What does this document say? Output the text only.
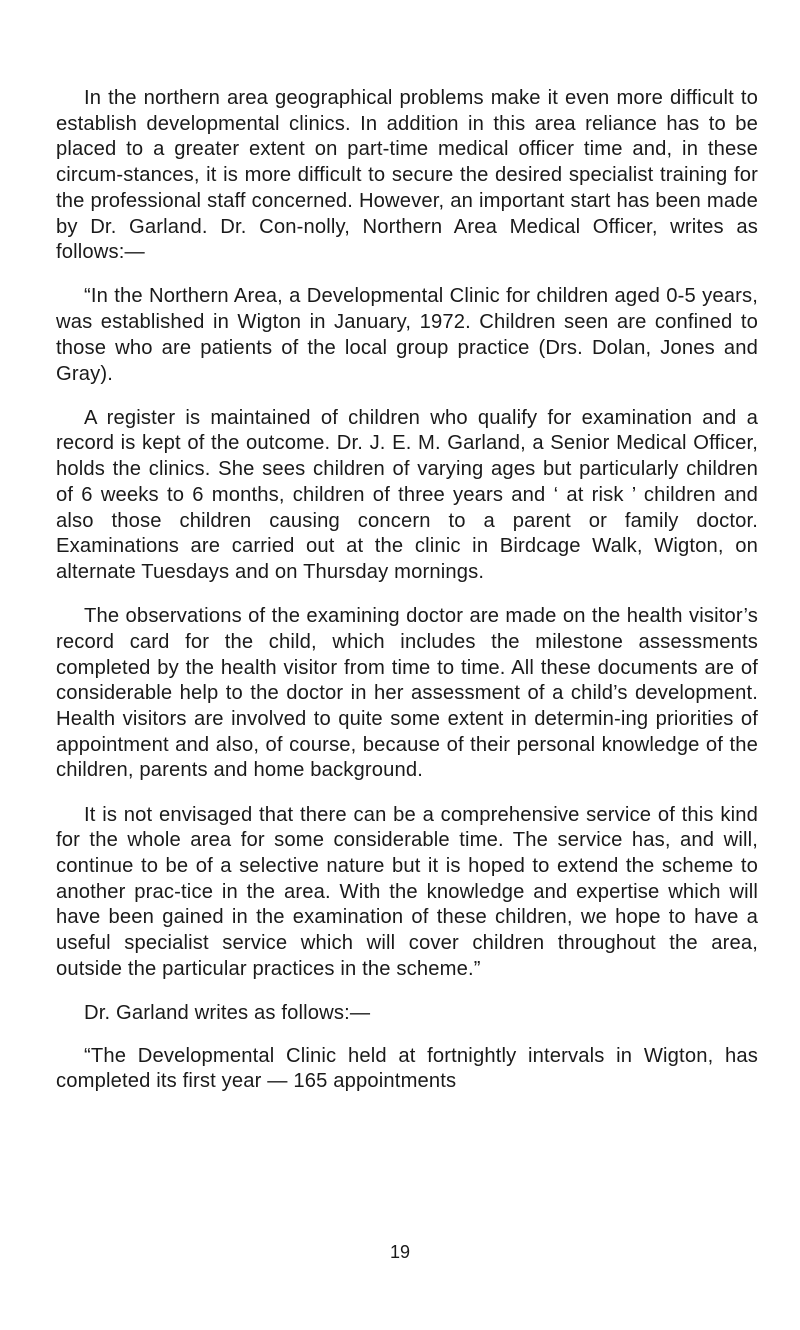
In the northern area geographical problems make it even more difficult to establish developmental clinics. In addition in this area reliance has to be placed to a greater extent on part-time medical officer time and, in these circum-stances, it is more difficult to secure the desired specialist training for the professional staff concerned. However, an important start has been made by Dr. Garland. Dr. Con-nolly, Northern Area Medical Officer, writes as follows:—

“In the Northern Area, a Developmental Clinic for children aged 0-5 years, was established in Wigton in January, 1972. Children seen are confined to those who are patients of the local group practice (Drs. Dolan, Jones and Gray).

A register is maintained of children who qualify for examination and a record is kept of the outcome. Dr. J. E. M. Garland, a Senior Medical Officer, holds the clinics. She sees children of varying ages but particularly children of 6 weeks to 6 months, children of three years and ‘ at risk ’ children and also those children causing concern to a parent or family doctor. Examinations are carried out at the clinic in Birdcage Walk, Wigton, on alternate Tuesdays and on Thursday mornings.

The observations of the examining doctor are made on the health visitor’s record card for the child, which includes the milestone assessments completed by the health visitor from time to time. All these documents are of considerable help to the doctor in her assessment of a child’s development. Health visitors are involved to quite some extent in determin-ing priorities of appointment and also, of course, because of their personal knowledge of the children, parents and home background.

It is not envisaged that there can be a comprehensive service of this kind for the whole area for some considerable time. The service has, and will, continue to be of a selective nature but it is hoped to extend the scheme to another prac-tice in the area. With the knowledge and expertise which will have been gained in the examination of these children, we hope to have a useful specialist service which will cover children throughout the area, outside the particular practices in the scheme.”

Dr. Garland writes as follows:—

“The Developmental Clinic held at fortnightly intervals in Wigton, has completed its first year — 165 appointments

19
